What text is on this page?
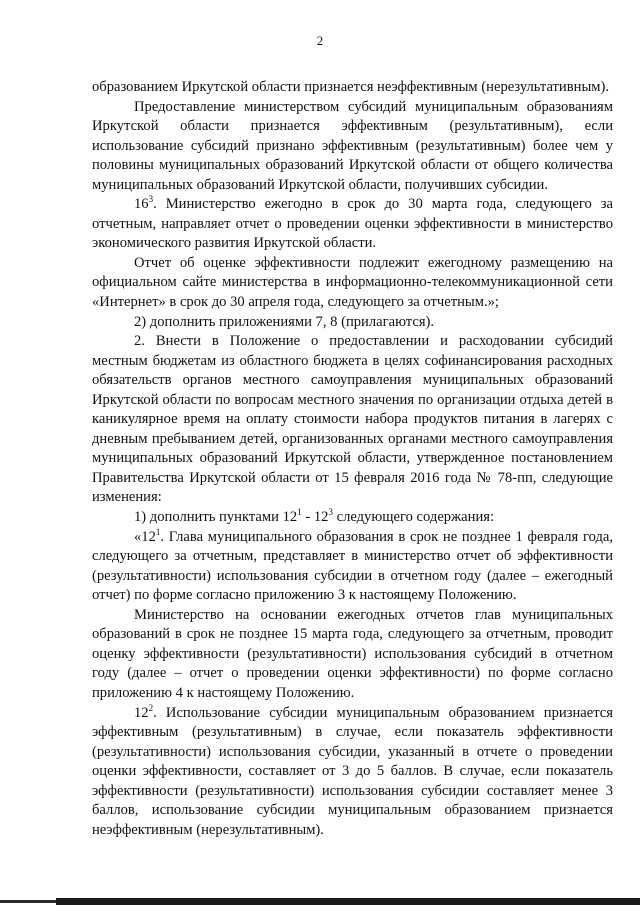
2

образованием Иркутской области признается неэффективным (нерезультативным).

Предоставление министерством субсидий муниципальным образованиям Иркутской области признается эффективным (результативным), если использование субсидий признано эффективным (результативным) более чем у половины муниципальных образований Иркутской области от общего количества муниципальных образований Иркутской области, получивших субсидии.

$16^3$. Министерство ежегодно в срок до 30 марта года, следующего за отчетным, направляет отчет о проведении оценки эффективности в министерство экономического развития Иркутской области.

Отчет об оценке эффективности подлежит ежегодному размещению на официальном сайте министерства в информационно-телекоммуникационной сети «Интернет» в срок до 30 апреля года, следующего за отчетным.»;

2) дополнить приложениями 7, 8 (прилагаются).

2. Внести в Положение о предоставлении и расходовании субсидий местным бюджетам из областного бюджета в целях софинансирования расходных обязательств органов местного самоуправления муниципальных образований Иркутской области по вопросам местного значения по организации отдыха детей в каникулярное время на оплату стоимости набора продуктов питания в лагерях с дневным пребыванием детей, организованных органами местного самоуправления муниципальных образований Иркутской области, утвержденное постановлением Правительства Иркутской области от 15 февраля 2016 года № 78-пп, следующие изменения:

1) дополнить пунктами $12^1 - 12^3$ следующего содержания:

«$12^1$. Глава муниципального образования в срок не позднее 1 февраля года, следующего за отчетным, представляет в министерство отчет об эффективности (результативности) использования субсидии в отчетном году (далее – ежегодный отчет) по форме согласно приложению 3 к настоящему Положению.

Министерство на основании ежегодных отчетов глав муниципальных образований в срок не позднее 15 марта года, следующего за отчетным, проводит оценку эффективности (результативности) использования субсидий в отчетном году (далее – отчет о проведении оценки эффективности) по форме согласно приложению 4 к настоящему Положению.

$12^2$. Использование субсидии муниципальным образованием признается эффективным (результативным) в случае, если показатель эффективности (результативности) использования субсидии, указанный в отчете о проведении оценки эффективности, составляет от 3 до 5 баллов. В случае, если показатель эффективности (результативности) использования субсидии составляет менее 3 баллов, использование субсидии муниципальным образованием признается неэффективным (нерезультативным).
